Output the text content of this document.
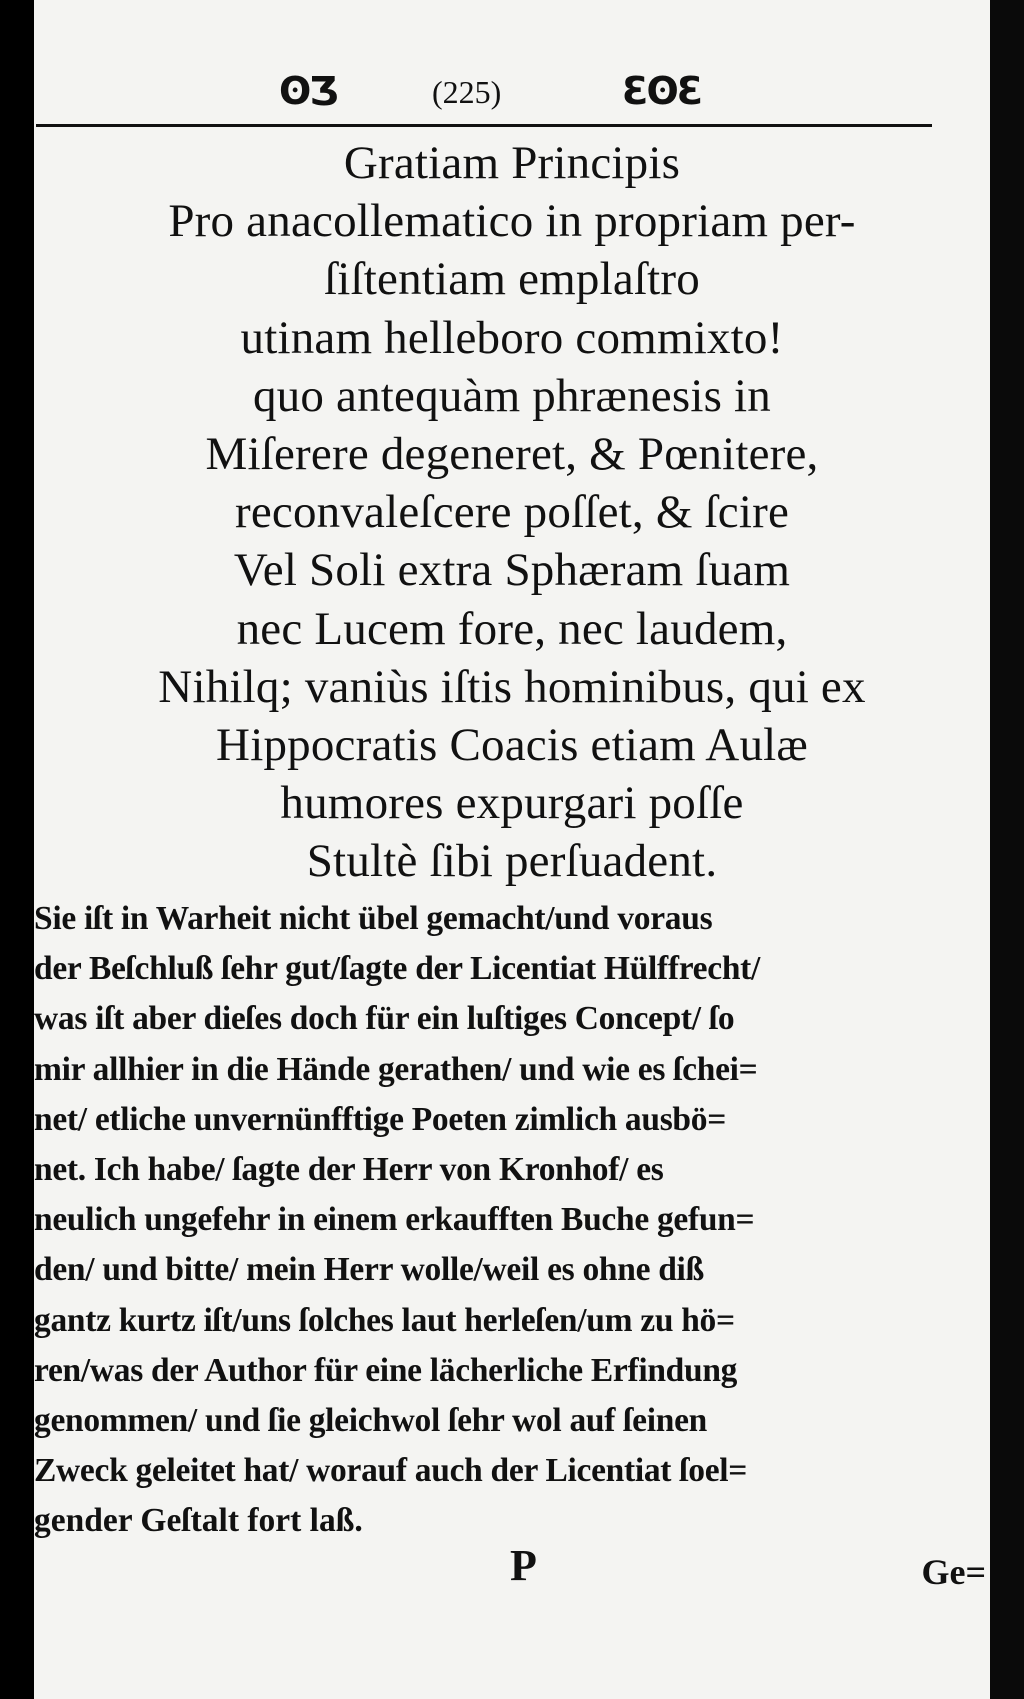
ʘƷ	(225)	ƐʘƐ
Gratiam Principis
Pro anacollematico in propriam per-
ſiſtentiam emplaſtro
utinam helleboro commixto!
quo antequàm phrænesis in
Miſerere degeneret, & Pœnitere,
reconvaleſcere poſſet, & ſcire
Vel Soli extra Sphæram ſuam
nec Lucem fore, nec laudem,
Nihilq; vaniùs iſtis hominibus, qui ex
Hippocratis Coacis etiam Aulæ
humores expurgari poſſe
Stultè ſibi perſuadent.
Sie iſt in Warheit nicht übel gemacht/und voraus
der Beſchluß ſehr gut/ſagte der Licentiat Hülffrecht/
was iſt aber dieſes doch für ein luſtiges Concept/ ſo
mir allhier in die Hände gerathen/ und wie es ſchei=
net/ etliche unvernünfftige Poeten zimlich ausbö=
net. Ich habe/ ſagte der Herr von Kronhof/ es
neulich ungefehr in einem erkaufften Buche gefun=
den/ und bitte/ mein Herr wolle/weil es ohne diß
gantz kurtz iſt/uns ſolches laut herleſen/um zu hö=
ren/was der Author für eine lächerliche Erfindung
genommen/ und ſie gleichwol ſehr wol auf ſeinen
Zweck geleitet hat/ worauf auch der Licentiat ſoel=
gender Geſtalt fort laß.
P	Ge=
